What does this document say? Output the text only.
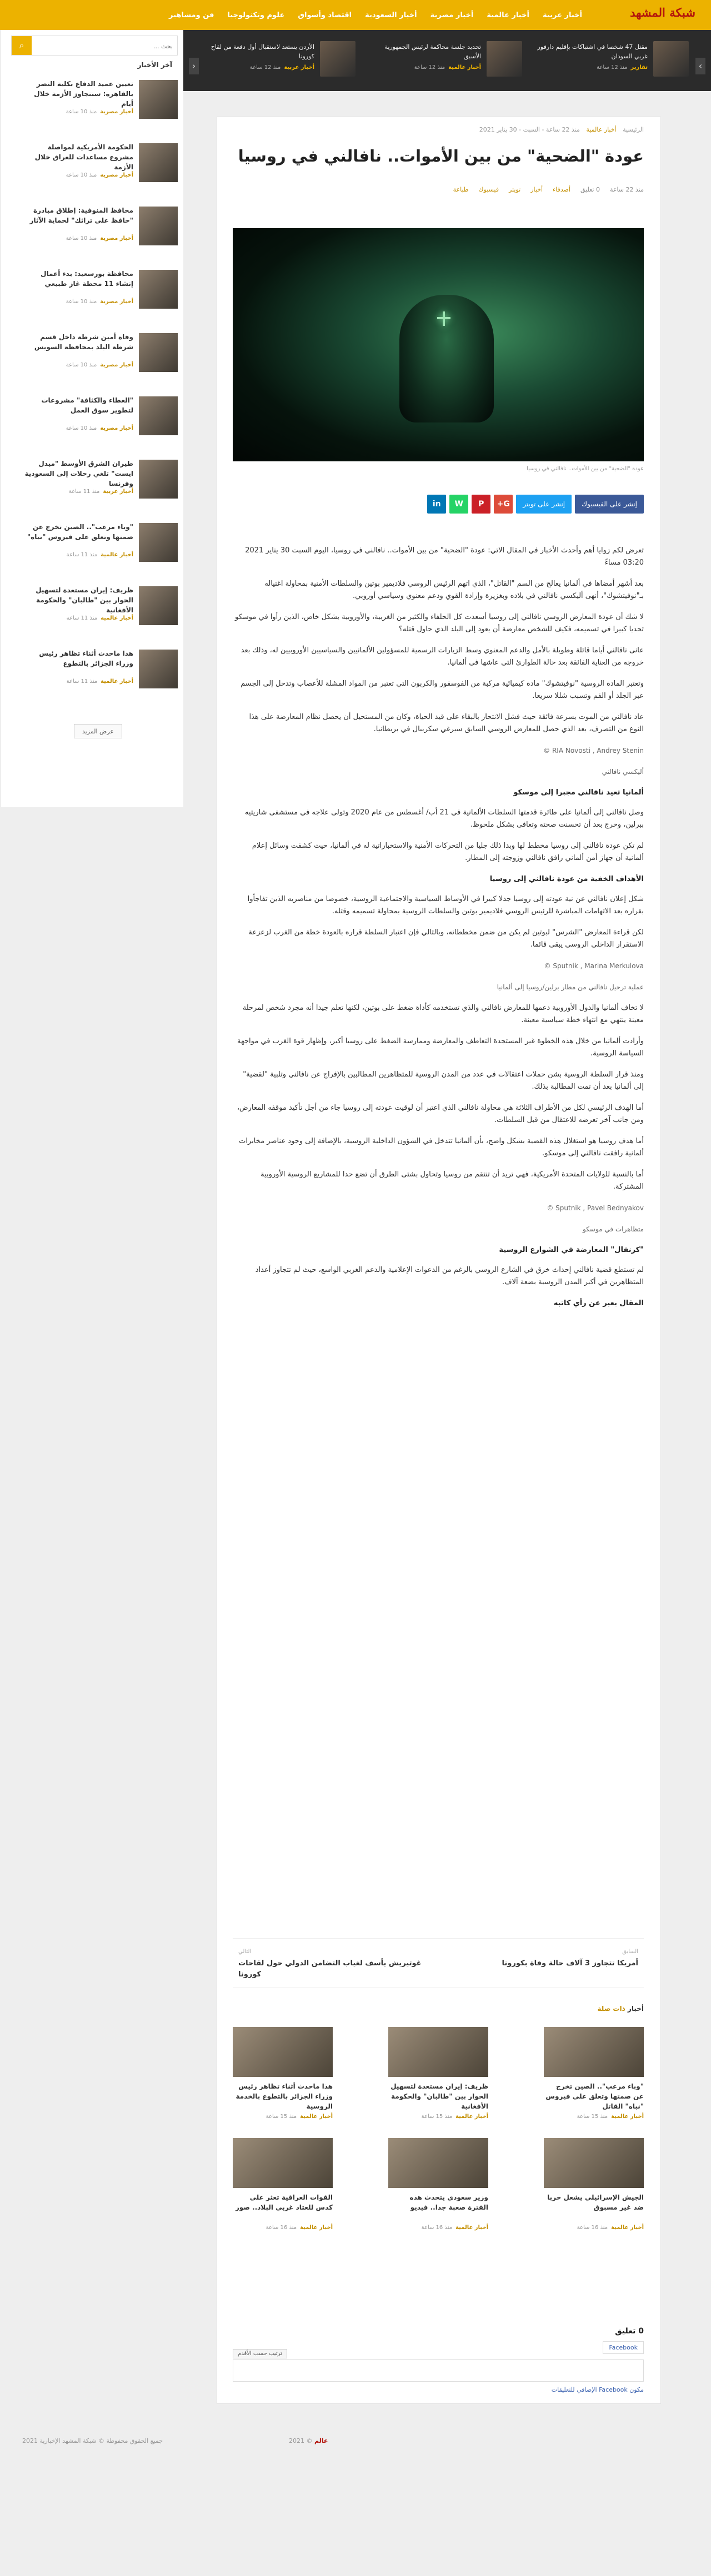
شبكة المشهد
أخبار عربية
أخبار عالمية
أخبار مصرية
أخبار السعودية
اقتصاد وأسواق
علوم وتكنولوجيا
فن ومشاهير
›
مقتل 47 شخصا في اشتباكات بإقليم دارفور غربي السودان
تقاريرمنذ 12 ساعة
تحديد جلسة محاكمة لرئيس الجمهورية الأسبق
أخبار عالميةمنذ 12 ساعة
الأردن يستعد لاستقبال أول دفعة من لقاح كورونا
أخبار عربيةمنذ 12 ساعة
‹
الرئيسية أخبار عالمية منذ 22 ساعة - السبت - 30 يناير 2021
عودة "الضحية" من بين الأموات.. نافالني في روسيا
منذ 22 ساعة
0 تعليق
أصدقاء
أخبار
تويتر
فيسبوك
طباعة
عودة "الضحية" من بين الأموات.. نافالني في روسيا
إنشر على الفيسبوك
إنشر على تويتر
G+
P
W
in

تعرض لكم زوايا أهم وأحدث الأخبار في المقال الاتي: عودة "الضحية" من بين الأموات.. نافالني في روسيا، اليوم السبت 30 يناير 2021 03:20 مساءً

بعد أشهر أمضاها في ألمانيا يعالج من السم "القاتل"، الذي اتهم الرئيس الروسي فلاديمير بوتين والسلطات الأمنية بمحاولة اغتياله بـ"نوفيتشوك"، أنهى أليكسي نافالني في بلاده وبغزيرة وإرادة القوي ودعم معنوي وسياسي أوروبي.

لا شك أن عودة المعارض الروسي نافالني إلى روسيا أسعدت كل الحلفاء والكثير من الغربية، والأوروبية بشكل خاص، الذين رأوا في موسكو تحديا كبيرا في تسميمه، فكيف للشخص معارضة أن يعود إلى البلد الذي حاول قتله؟

عانى نافالني أياما قاتلة وطويلة بالأمل والدعم المعنوي وسط الزيارات الرسمية للمسؤولين الألمانيين والسياسيين الأوروبيين له، وذلك بعد خروجه من العناية الفائقة بعد حالة الطوارئ التي عاشها في ألمانيا.

وتعتبر المادة الروسية "نوفيتشوك" مادة كيميائية مركبة من الفوسفور والكربون التي تعتبر من المواد المشلة للأعصاب وتدخل إلى الجسم عبر الجلد أو الفم وتسبب شللا سريعا.

عاد نافالني من الموت بسرعة فائقة حيث فشل الانتحار بالبقاء على قيد الحياة، وكان من المستحيل أن يحصل نظام المعارضة على هذا النوع من التصرف، بعد الذي حصل للمعارض الروسي السابق سيرغي سكريبال في بريطانيا.

RIA Novosti , Andrey Stenin ©

أليكسي نافالني

ألمانيا تعيد نافالني مجبرا إلى موسكو

وصل نافالني إلى ألمانيا على طائرة قدمتها السلطات الألمانية في 21 أب/ أغسطس من عام 2020 وتولى علاجه في مستشفى شاريتيه ببرلين، وخرج بعد أن تحسنت صحته وتعافى بشكل ملحوظ.

لم تكن عودة نافالني إلى روسيا مخطط لها وبدا ذلك جليا من التحركات الأمنية والاستخباراتية له في ألمانيا، حيث كشفت وسائل إعلام ألمانية أن جهاز أمن ألماني رافق نافالني وزوجته إلى المطار.

الأهداف الخفية من عودة نافالني إلى روسيا

شكل إعلان نافالني عن نية عودته إلى روسيا جدلا كبيرا في الأوساط السياسية والاجتماعية الروسية، خصوصا من مناصريه الذين تفاجأوا بقراره بعد الاتهامات المباشرة للرئيس الروسي فلاديمير بوتين والسلطات الروسية بمحاولة تسميمه وقتله.

لكن قراءة المعارض "الشرس" لبوتين لم يكن من ضمن مخططاته، وبالتالي فإن اعتبار السلطة قراره بالعودة خطة من الغرب لزعزعة الاستقرار الداخلي الروسي يبقى قائما.

Sputnik , Marina Merkulova ©

عملية ترحيل نافالني من مطار برلين/روسيا إلى ألمانيا

لا تخاف ألمانيا والدول الأوروبية دعمها للمعارض نافالني والذي تستخدمه كأداة ضغط على بوتين، لكنها تعلم جيدا أنه مجرد شخص لمرحلة معينة ينتهي مع انتهاء خطة سياسية معينة.

وأرادت ألمانيا من خلال هذه الخطوة غير المستجدة التعاطف والمعارضة وممارسة الضغط على روسيا أكبر، وإظهار قوة الغرب في مواجهة السياسة الروسية.

ومنذ قرار السلطة الروسية بشن حملات اعتقالات في عدد من المدن الروسية للمتظاهرين المطالبين بالإفراج عن نافالني وتلبية "لقضية" إلى ألمانيا بعد أن تمت المطالبة بذلك.

أما الهدف الرئيسي لكل من الأطراف الثلاثة هي محاولة نافالني الذي اعتبر أن لوقيت عودته إلى روسيا جاء من أجل تأكيد موقفه المعارض، ومن جانب آخر تعرضه للاعتقال من قبل السلطات.

أما هدف روسيا هو استغلال هذه القضية بشكل واضح، بأن ألمانيا تتدخل في الشؤون الداخلية الروسية، بالإضافة إلى وجود عناصر مخابرات ألمانية رافقت نافالني إلى موسكو.

أما بالنسبة للولايات المتحدة الأمريكية، فهي تريد أن تنتقم من روسيا وتحاول بشتى الطرق أن تضع حدا للمشاريع الروسية الأوروبية المشتركة.

Sputnik , Pavel Bednyakov ©

متظاهرات في موسكو

"كرنفال" المعارضة في الشوارع الروسية

لم تستطع قضية نافالني إحداث خرق في الشارع الروسي بالرغم من الدعوات الإعلامية والدعم الغربي الواسع، حيث لم تتجاوز أعداد المتظاهرين في أكبر المدن الروسية بضعة آلاف.

المقال يعبر عن رأي كاتبه
السابق
أمريكا تتجاوز 3 آلاف حالة وفاة بكورونا
التالي
غوتيريش يأسف لغياب التضامن الدولي حول لقاحات كورونا
أخبار ذات صلة
"وباء مرعب".. الصين تخرج عن صمتها وتعلق على فيروس "نباه" القاتل
أخبار عالميةمنذ 15 ساعة
ظريف: إيران مستعدة لتسهيل الحوار بين "طالبان" والحكومة الأفغانية
أخبار عالميةمنذ 15 ساعة
هذا ماحدث أثناء تظاهر رئيس وزراء الجزائر بالتطوع بالخدمة الروسية
أخبار عالميةمنذ 15 ساعة
الجيش الإسرائيلي يشعل حربا ضد غير مسبوق
أخبار عالميةمنذ 16 ساعة
وزير سعودي يتحدث هذه الفترة صعبة جدا.. فيديو
أخبار عالميةمنذ 16 ساعة
القوات العراقية تعثر على كدس للعتاد غربي البلاد.. صور
أخبار عالميةمنذ 16 ساعة
0 تعليق
Facebook
ترتيب حسب الأقدم
مكون Facebook الإضافي للتعليقات
بحث ...
⌕
آخر الأخبار
تعيين عميد الدفاع بكلية النصر بالقاهرة: سنتجاوز الأزمة خلال أيام
أخبار مصريةمنذ 10 ساعة
الحكومة الأمريكية لمواصلة مشروع مساعدات للعراق خلال الأزمة
أخبار مصريةمنذ 10 ساعة
محافظ المنوفية: إطلاق مبادرة "حافظ على تراثك" لحماية الآثار
أخبار مصريةمنذ 10 ساعة
محافظة بورسعيد: بدء أعمال إنشاء 11 محطة غاز طبيعي
أخبار مصريةمنذ 10 ساعة
وفاة أمين شرطة داخل قسم شرطة البلد بمحافظة السويس
أخبار مصريةمنذ 10 ساعة
"العطاء والكثافة" مشروعات لتطوير سوق العمل
أخبار مصريةمنذ 10 ساعة
طيران الشرق الأوسط "ميدل ايست" تلغي رحلات إلى السعودية وفرنسا
أخبار عربيةمنذ 11 ساعة
"وباء مرعب".. الصين تخرج عن صمتها وتعلق على فيروس "نباه"
أخبار عالميةمنذ 11 ساعة
ظريف: إيران مستعدة لتسهيل الحوار بين "طالبان" والحكومة الأفغانية
أخبار عالميةمنذ 11 ساعة
هذا ماحدث أثناء تظاهر رئيس وزراء الجزائر بالتطوع
أخبار عالميةمنذ 11 ساعة
عرض المزيد
جميع الحقوق محفوظة © شبكة المشهد الإخبارية 2021	عالم © 2021
